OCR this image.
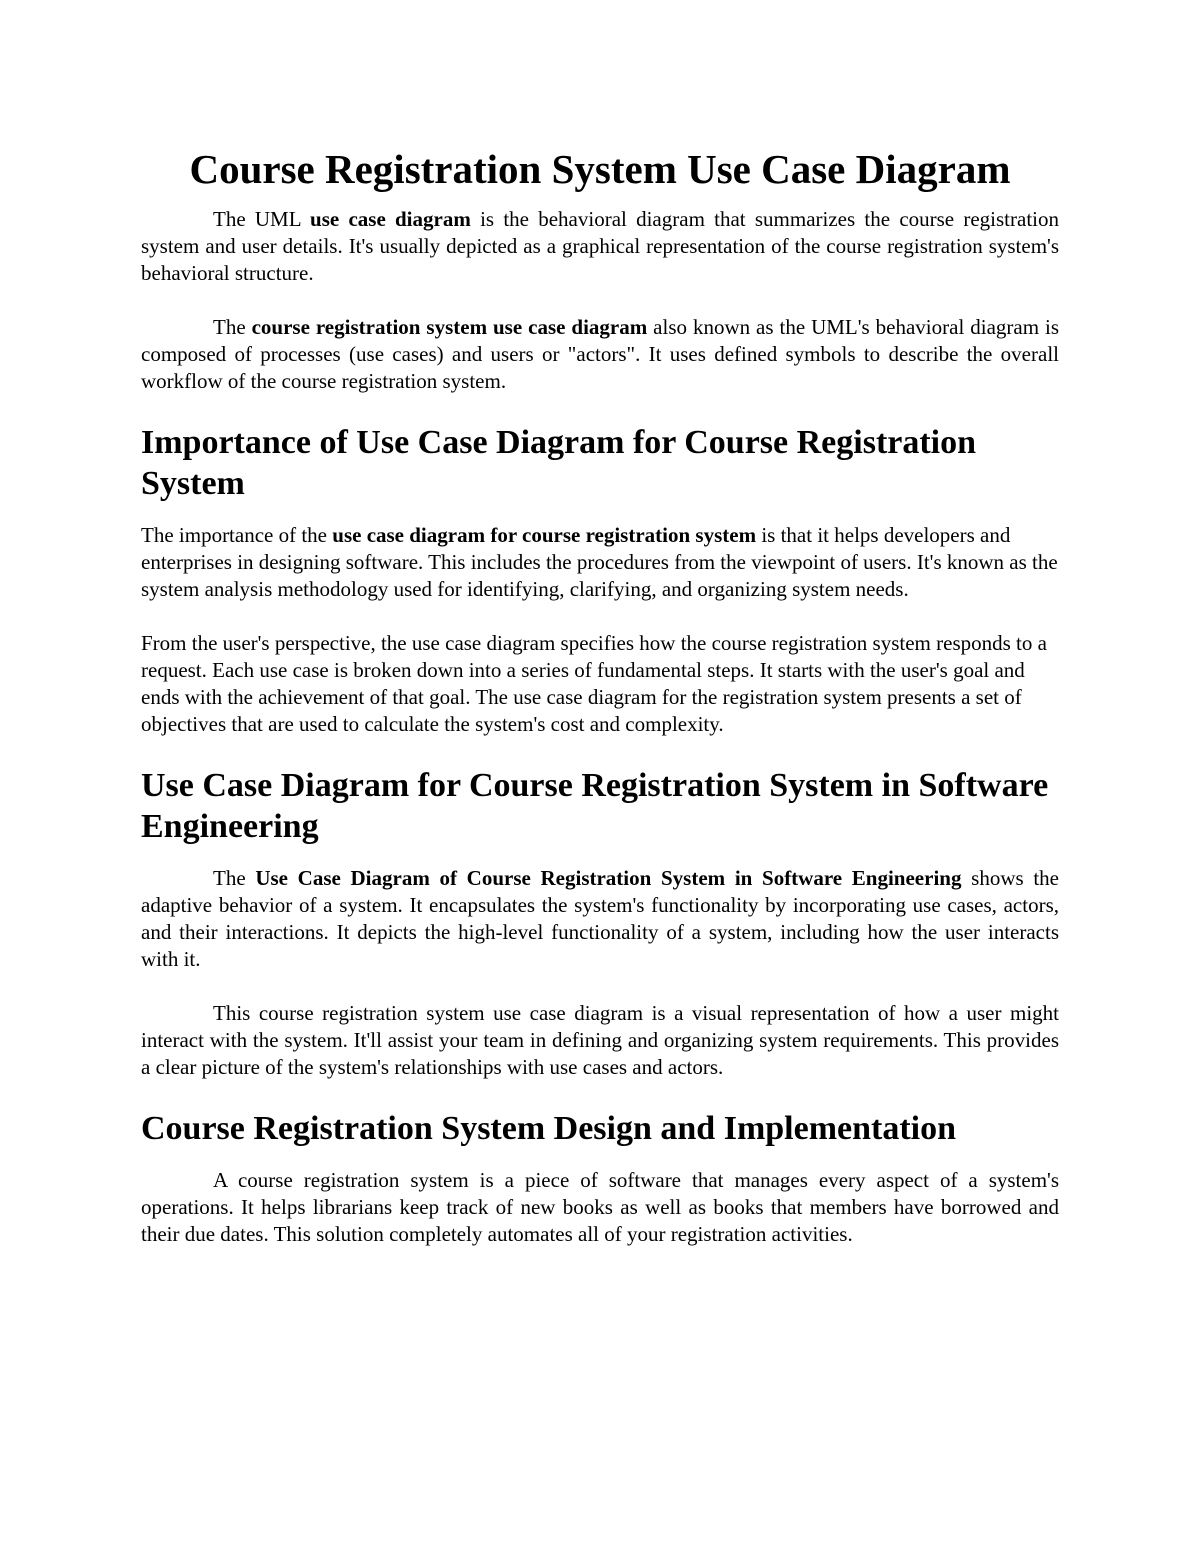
Course Registration System Use Case Diagram

The UML use case diagram is the behavioral diagram that summarizes the course registration system and user details. It's usually depicted as a graphical representation of the course registration system's behavioral structure.

The course registration system use case diagram also known as the UML's behavioral diagram is composed of processes (use cases) and users or "actors". It uses defined symbols to describe the overall workflow of the course registration system.

Importance of Use Case Diagram for Course Registration System

The importance of the use case diagram for course registration system is that it helps developers and enterprises in designing software. This includes the procedures from the viewpoint of users. It's known as the system analysis methodology used for identifying, clarifying, and organizing system needs.

From the user's perspective, the use case diagram specifies how the course registration system responds to a request. Each use case is broken down into a series of fundamental steps. It starts with the user's goal and ends with the achievement of that goal. The use case diagram for the registration system presents a set of objectives that are used to calculate the system's cost and complexity.

Use Case Diagram for Course Registration System in Software Engineering

The Use Case Diagram of Course Registration System in Software Engineering shows the adaptive behavior of a system. It encapsulates the system's functionality by incorporating use cases, actors, and their interactions. It depicts the high-level functionality of a system, including how the user interacts with it.

This course registration system use case diagram is a visual representation of how a user might interact with the system. It'll assist your team in defining and organizing system requirements. This provides a clear picture of the system's relationships with use cases and actors.

Course Registration System Design and Implementation

A course registration system is a piece of software that manages every aspect of a system's operations. It helps librarians keep track of new books as well as books that members have borrowed and their due dates. This solution completely automates all of your registration activities.
